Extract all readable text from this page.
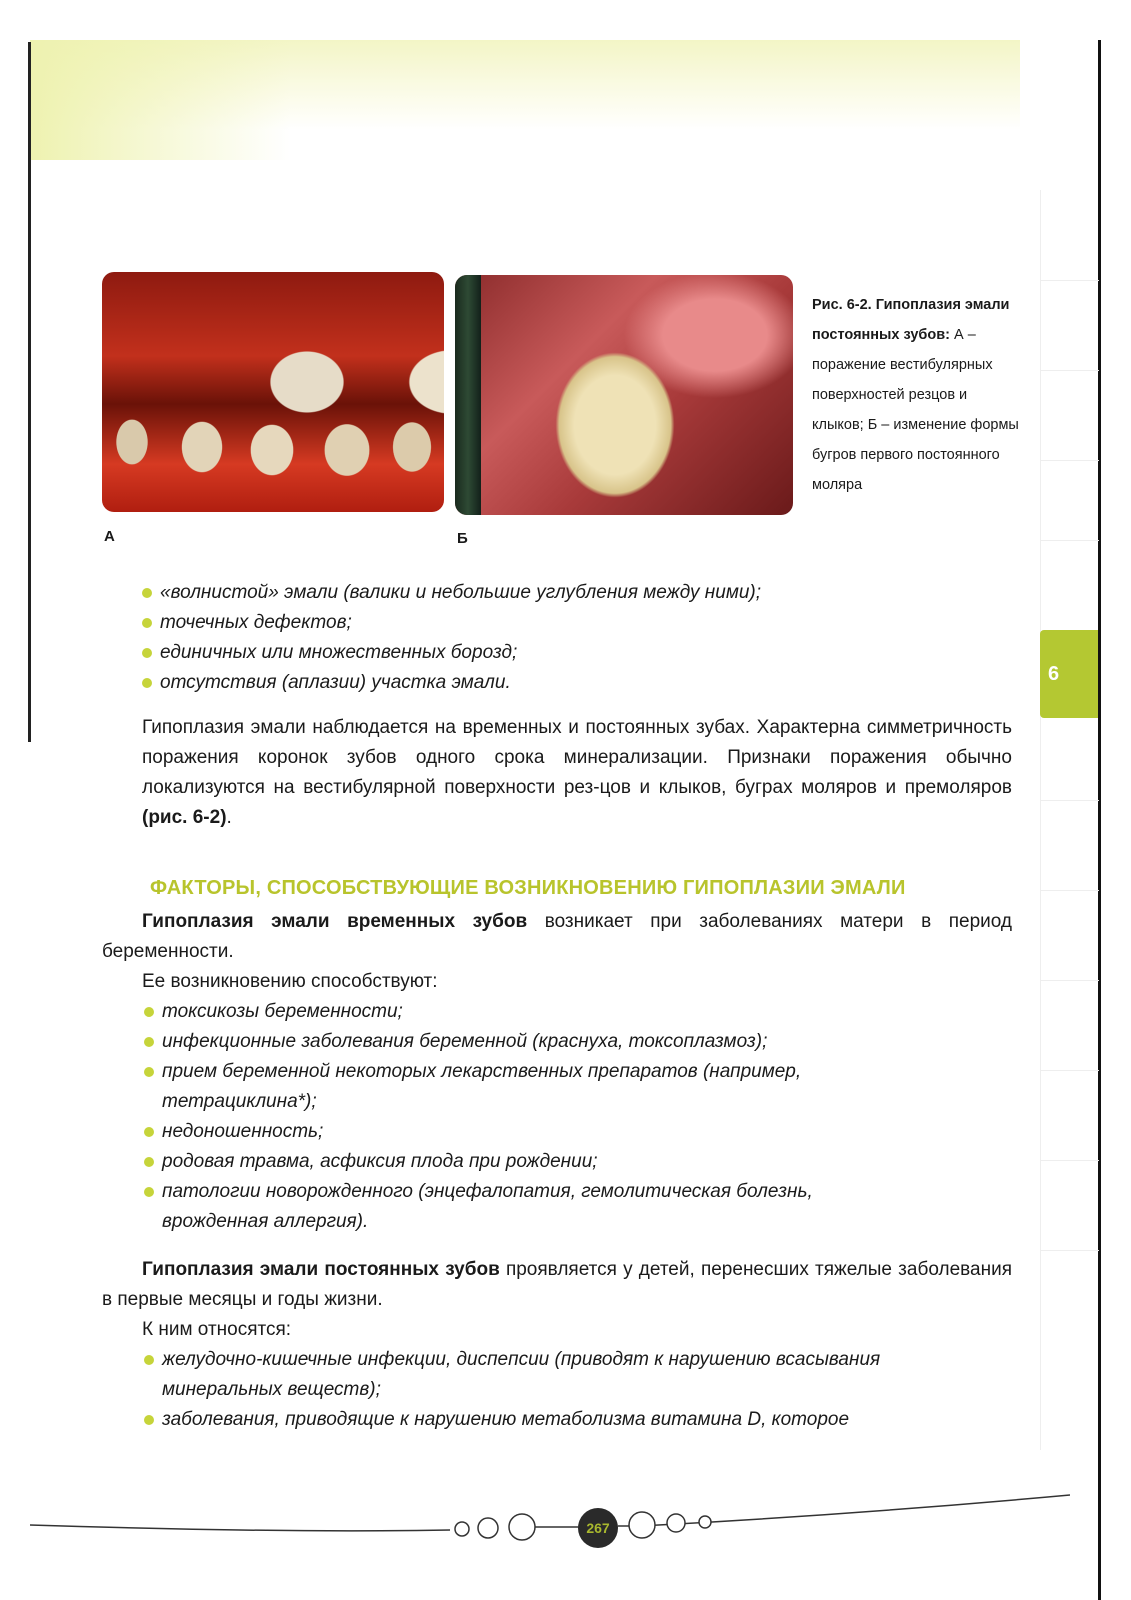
6
А	Б
Рис. 6-2. Гипоплазия эмали постоянных зубов: А – поражение вестибулярных поверхностей резцов и клыков; Б – изменение формы бугров первого постоянного моляра
«волнистой» эмали (валики и небольшие углубления между ними);
точечных дефектов;
единичных или множественных борозд;
отсутствия (аплазии) участка эмали.
Гипоплазия эмали наблюдается на временных и постоянных зубах. Характерна симметричность поражения коронок зубов одного срока минерализации. Признаки поражения обычно локализуются на вестибулярной поверхности рез-цов и клыков, буграх моляров и премоляров (рис. 6-2).
ФАКТОРЫ, СПОСОБСТВУЮЩИЕ ВОЗНИКНОВЕНИЮ ГИПОПЛАЗИИ ЭМАЛИ
Гипоплазия эмали временных зубов возникает при заболеваниях матери в период беременности.
Ее возникновению способствуют:
токсикозы беременности;
инфекционные заболевания беременной (краснуха, токсоплазмоз);
прием беременной некоторых лекарственных препаратов (например, тетрациклина*);
недоношенность;
родовая травма, асфиксия плода при рождении;
патологии новорожденного (энцефалопатия, гемолитическая болезнь, врожденная аллергия).
Гипоплазия эмали постоянных зубов проявляется у детей, перенесших тяжелые заболевания в первые месяцы и годы жизни.
К ним относятся:
желудочно-кишечные инфекции, диспепсии (приводят к нарушению всасывания минеральных веществ);
заболевания, приводящие к нарушению метаболизма витамина D, которое
267
